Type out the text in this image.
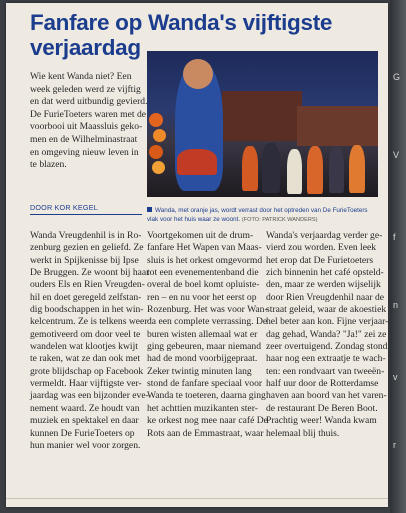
G
V
f
n
v
r
Fanfare op Wanda's vijftigste verjaardag
Wie kent Wanda niet? Een
week geleden werd ze vijftig
en dat werd uitbundig gevierd.
De FurieToeters waren met de
voorbooi uit Maassluis geko-
men en de Wilhelminastraat
en omgeving nieuw leven in
te blazen.
Wanda, met oranje jas, wordt verrast door het optreden van De FurieToeters vlak voor het huis waar ze woont. (FOTO: PATRICK WANDERS)
DOOR KOR KEGEL
Wanda Vreugdenhil is in Ro-
zenburg gezien en geliefd. Ze
werkt in Spijkenisse bij Ipse
De Bruggen. Ze woont bij haar
ouders Els en Rien Vreugden-
hil en doet geregeld zelfstan-
dig boodschappen in het win-
kelcentrum. Ze is telkens weer
gemotiveerd om door veel te
wandelen wat klootjes kwijt
te raken, wat ze dan ook met
grote blijdschap op Facebook
vermeldt. Haar vijftigste ver-
jaardag was een bijzonder eve-
nement waard. Ze houdt van
muziek en spektakel en daar
kunnen De FurieToeters op
hun manier wel voor zorgen.
Voortgekomen uit de drum-
fanfare Het Wapen van Maas-
sluis is het orkest omgevormd
tot een evenementenband die
overal de boel komt opluiste-
ren – en nu voor het eerst op
Rozenburg. Het was voor Wan-
da een complete verrassing. De
buren wisten allemaal wat er
ging gebeuren, maar niemand
had de mond voorbijgepraat.
Zeker twintig minuten lang
stond de fanfare speciaal voor
Wanda te toeteren, daarna ging
het achttien muzikanten ster-
ke orkest nog mee naar café De
Rots aan de Emmastraat, waar
Wanda's verjaardag verder ge-
vierd zou worden. Even leek
het erop dat De Furietoeters
zich binnenin het café opsteld-
den, maar ze werden wijselijk
door Rien Vreugdenhil naar de
straat geleid, waar de akoestiek
hel beter aan kon. Fijne verjaar-
dag gehad, Wanda? "Ja!" zei ze
zeer overtuigend. Zondag stond
haar nog een extraatje te wach-
ten: een rondvaart van tweeën-
half uur door de Rotterdamse
haven aan boord van het varen-
de restaurant De Beren Boot.
Prachtig weer! Wanda kwam
helemaal blij thuis.
